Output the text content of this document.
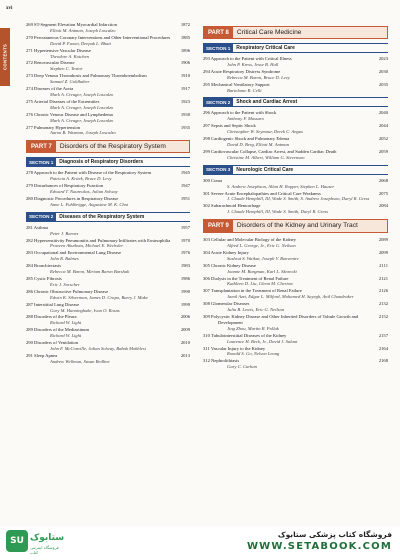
xvi
CONTENTS
269 ST-Segment Elevation Myocardial Infarction	1872
Elliott M. Antman, Joseph Loscalzo
270 Percutaneous Coronary Interventions and Other Interventional Procedures	1885
David P. Faxon, Deepak L. Bhatt
271 Hypertensive Vascular Disease	1896
Theodore A. Kotchen
272 Renovascular Disease	1906
Stephen C. Textor
273 Deep Venous Thrombosis and Pulmonary Thromboembolism	1910
Samuel Z. Goldhaber
274 Diseases of the Aorta	1917
Mark A. Creager, Joseph Loscalzo
275 Arterial Diseases of the Extremities	1923
Mark A. Creager, Joseph Loscalzo
276 Chronic Venous Disease and Lymphedema	1930
Mark A. Creager, Joseph Loscalzo
277 Pulmonary Hypertension	1935
Aaron B. Waxman, Joseph Loscalzo
PART 7	Disorders of the Respiratory System
SECTION 1	Diagnosis of Respiratory Disorders
278 Approach to the Patient with Disease of the Respiratory System	1945
Patricia A. Kritek, Bruce D. Levy
279 Disturbances of Respiratory Function	1947
Edward T. Naureckas, Julian Solway
280 Diagnostic Procedures in Respiratory Disease	1951
Anne L. Fuhlbrigge, Augustine M. K. Choi
SECTION 2	Diseases of the Respiratory System
281 Asthma	1957
Peter J. Barnes
282 Hypersensitivity Pneumonitis and Pulmonary Infiltrates with Eosinophilia	1970
Praveen Akuthota, Michael E. Wechsler
283 Occupational and Environmental Lung Disease	1976
John R. Balmes
284 Bronchiectasis	1983
Rebecca M. Baron, Miriam Baron Barshak
285 Cystic Fibrosis	1986
Eric J. Sorscher
286 Chronic Obstructive Pulmonary Disease	1990
Edwin K. Silverman, James D. Crapo, Barry J. Make
287 Interstitial Lung Disease	1999
Gary M. Hunninghake, Ivan O. Rosas
288 Disorders of the Pleura	2006
Richard W. Light
289 Disorders of the Mediastinum	2009
Richard W. Light
290 Disorders of Ventilation	2010
John F. McConville, Julian Solway, Babak Mokhlesi
291 Sleep Apnea	2013
Andrew Wellman, Susan Redline
PART 8	Critical Care Medicine
SECTION 1	Respiratory Critical Care
293 Approach to the Patient with Critical Illness	2023
John P. Kress, Jesse B. Hall
294 Acute Respiratory Distress Syndrome	2030
Rebecca M. Baron, Bruce D. Levy
295 Mechanical Ventilatory Support	2035
Bartolome R. Celli
SECTION 2	Shock and Cardiac Arrest
296 Approach to the Patient with Shock	2040
Anthony F. Massaro
297 Sepsis and Septic Shock	2044
Christopher W. Seymour, Derek C. Angus
298 Cardiogenic Shock and Pulmonary Edema	2052
David D. Berg, Elliott M. Antman
299 Cardiovascular Collapse, Cardiac Arrest, and Sudden Cardiac Death	2059
Christine M. Albert, William G. Stevenson
SECTION 3	Neurologic Critical Care
300 Coma	2068
S. Andrew Josephson, Allan H. Ropper, Stephen L. Hauser
301 Severe Acute Encephalopathies and Critical Care Weakness	2075
J. Claude Hemphill, III, Wade S. Smith, S. Andrew Josephson, Daryl R. Gress
302 Subarachnoid Hemorrhage	2084
J. Claude Hemphill, III, Wade S. Smith, Daryl R. Gress
PART 9	Disorders of the Kidney and Urinary Tract
303 Cellular and Molecular Biology of the Kidney	2089
Alfred L. George, Jr., Eric G. Neilson
304 Acute Kidney Injury	2099
Sushrut S. Waikar, Joseph V. Bonventre
305 Chronic Kidney Disease	2111
Joanne M. Bargman, Karl L. Skorecki
306 Dialysis in the Treatment of Renal Failure	2121
Kathleen D. Liu, Glenn M. Chertow
307 Transplantation in the Treatment of Renal Failure	2126
Jamil Azzi, Edgar L. Milford, Mohamed H. Sayegh, Anil Chandraker
308 Glomerular Diseases	2132
Julia B. Lewis, Eric G. Neilson
309 Polycystic Kidney Disease and Other Inherited Disorders of Tubule Growth and Development
2152
Jing Zhou, Martin R. Pollak
310 Tubulointerstitial Diseases of the Kidney	2157
Laurence H. Beck, Jr., David J. Salant
311 Vascular Injury to the Kidney	2164
Ronald S. Go, Nelson Leung
312 Nephrolithiasis	2168
Gary C. Curhan
SU ستابوک
فروشگاه اینترنتی کتاب
فروشگاه کتاب پزشکی ستابوک
WWW.SETABOOK.COM
